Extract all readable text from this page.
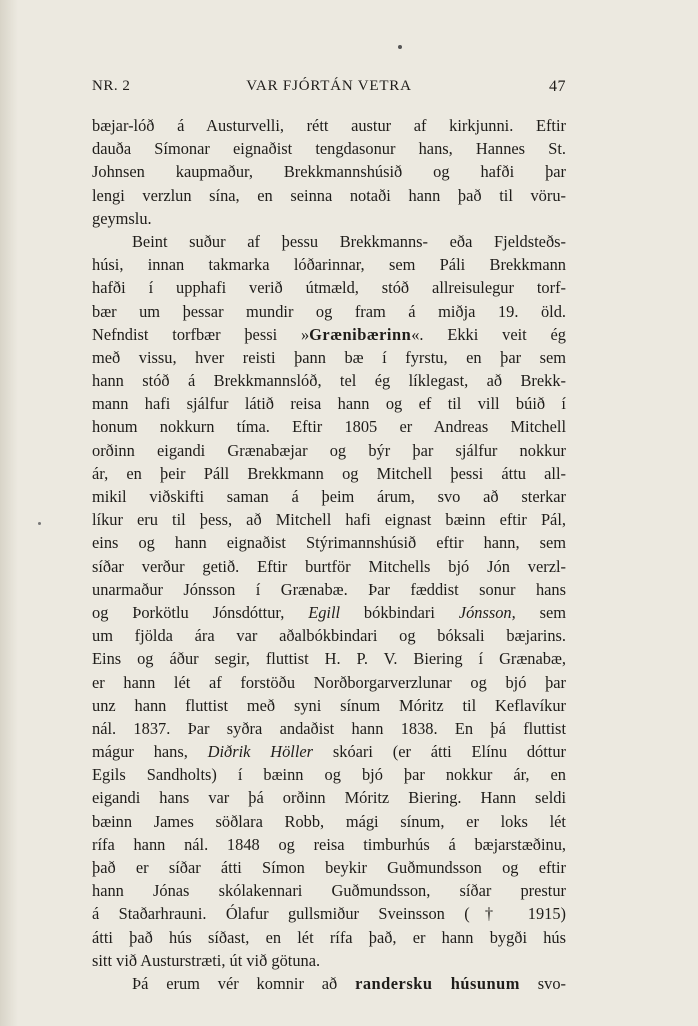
NR. 2	VAR FJÓRTÁN VETRA	47
bæjar-lóð á Austurvelli, rétt austur af kirkjunni. Eftir
dauða Símonar eignaðist tengdasonur hans, Hannes St.
Johnsen kaupmaður, Brekkmannshúsið og hafði þar
lengi verzlun sína, en seinna notaði hann það til vöru-
geymslu.
Beint suður af þessu Brekkmanns- eða Fjeldsteðs-
húsi, innan takmarka lóðarinnar, sem Páli Brekkmann
hafði í upphafi verið útmæld, stóð allreisulegur torf-
bær um þessar mundir og fram á miðja 19. öld.
Nefndist torfbær þessi »Grænibærinn«. Ekki veit ég
með vissu, hver reisti þann bæ í fyrstu, en þar sem
hann stóð á Brekkmannslóð, tel ég líklegast, að Brekk-
mann hafi sjálfur látið reisa hann og ef til vill búið í
honum nokkurn tíma. Eftir 1805 er Andreas Mitchell
orðinn eigandi Grænabæjar og býr þar sjálfur nokkur
ár, en þeir Páll Brekkmann og Mitchell þessi áttu all-
mikil viðskifti saman á þeim árum, svo að sterkar
líkur eru til þess, að Mitchell hafi eignast bæinn eftir Pál,
eins og hann eignaðist Stýrimannshúsið eftir hann, sem
síðar verður getið. Eftir burtför Mitchells bjó Jón verzl-
unarmaður Jónsson í Grænabæ. Þar fæddist sonur hans
og Þorkötlu Jónsdóttur, Egill bókbindari Jónsson, sem
um fjölda ára var aðalbókbindari og bóksali bæjarins.
Eins og áður segir, fluttist H. P. V. Biering í Grænabæ,
er hann lét af forstöðu Norðborgarverzlunar og bjó þar
unz hann fluttist með syni sínum Móritz til Keflavíkur
nál. 1837. Þar syðra andaðist hann 1838. En þá fluttist
mágur hans, Diðrik Höller skóari (er átti Elínu dóttur
Egils Sandholts) í bæinn og bjó þar nokkur ár, en
eigandi hans var þá orðinn Móritz Biering. Hann seldi
bæinn James söðlara Robb, mági sínum, er loks lét
rífa hann nál. 1848 og reisa timburhús á bæjarstæðinu,
það er síðar átti Símon beykir Guðmundsson og eftir
hann Jónas skólakennari Guðmundsson, síðar prestur
á Staðarhrauni. Ólafur gullsmiður Sveinsson († 1915)
átti það hús síðast, en lét rífa það, er hann bygði hús
sitt við Austurstræti, út við götuna.
Þá erum vér komnir að randersku húsunum svo-
